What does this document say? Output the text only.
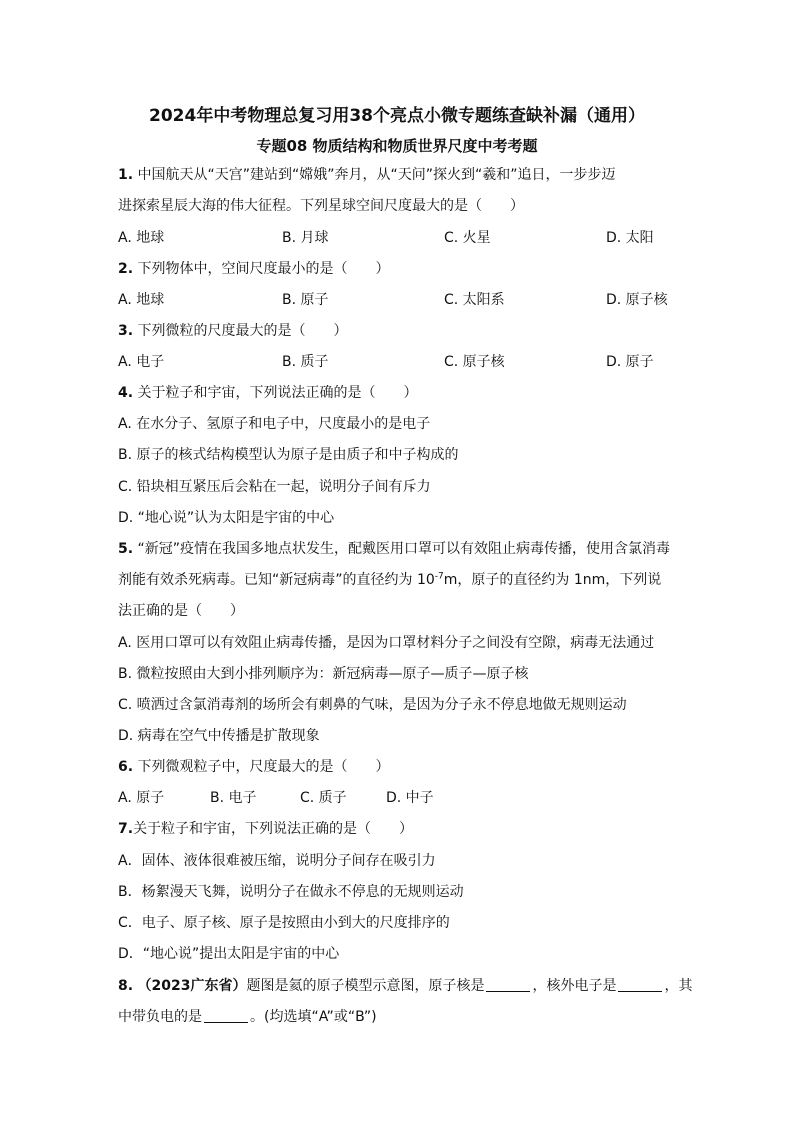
2024年中考物理总复习用38个亮点小微专题练查缺补漏（通用）
专题08 物质结构和物质世界尺度中考考题
1. 中国航天从“天宫”建站到“嫦娥”奔月，从“天问”探火到“羲和”追日，一步步迈
进探索星辰大海的伟大征程。下列星球空间尺度最大的是（　　）
A. 地球	B. 月球	C. 火星	D. 太阳
2. 下列物体中，空间尺度最小的是（　　）
A. 地球	B. 原子	C. 太阳系	D. 原子核
3. 下列微粒的尺度最大的是（　　）
A. 电子	B. 质子	C. 原子核	D. 原子
4. 关于粒子和宇宙，下列说法正确的是（　　）
A. 在水分子、氢原子和电子中，尺度最小的是电子
B. 原子的核式结构模型认为原子是由质子和中子构成的
C. 铅块相互紧压后会粘在一起，说明分子间有斥力
D. “地心说”认为太阳是宇宙的中心
5. “新冠”疫情在我国多地点状发生，配戴医用口罩可以有效阻止病毒传播，使用含氯消毒
剂能有效杀死病毒。已知“新冠病毒”的直径约为 $10^{-7}m$，原子的直径约为 1nm，下列说
法正确的是（　　）
A. 医用口罩可以有效阻止病毒传播，是因为口罩材料分子之间没有空隙，病毒无法通过
B. 微粒按照由大到小排列顺序为：新冠病毒—原子—质子—原子核
C. 喷洒过含氯消毒剂的场所会有刺鼻的气味，是因为分子永不停息地做无规则运动
D. 病毒在空气中传播是扩散现象
6. 下列微观粒子中，尺度最大的是（　　）
A. 原子	B. 电子	C. 质子	D. 中子
7.关于粒子和宇宙，下列说法正确的是（　　）
A．固体、液体很难被压缩，说明分子间存在吸引力
B．杨絮漫天飞舞，说明分子在做永不停息的无规则运动
C．电子、原子核、原子是按照由小到大的尺度排序的
D．“地心说”提出太阳是宇宙的中心
8. （2023广东省）题图是氦的原子模型示意图，原子核是	，核外电子是	，其
中带负电的是	。(均选填“A”或“B”)
